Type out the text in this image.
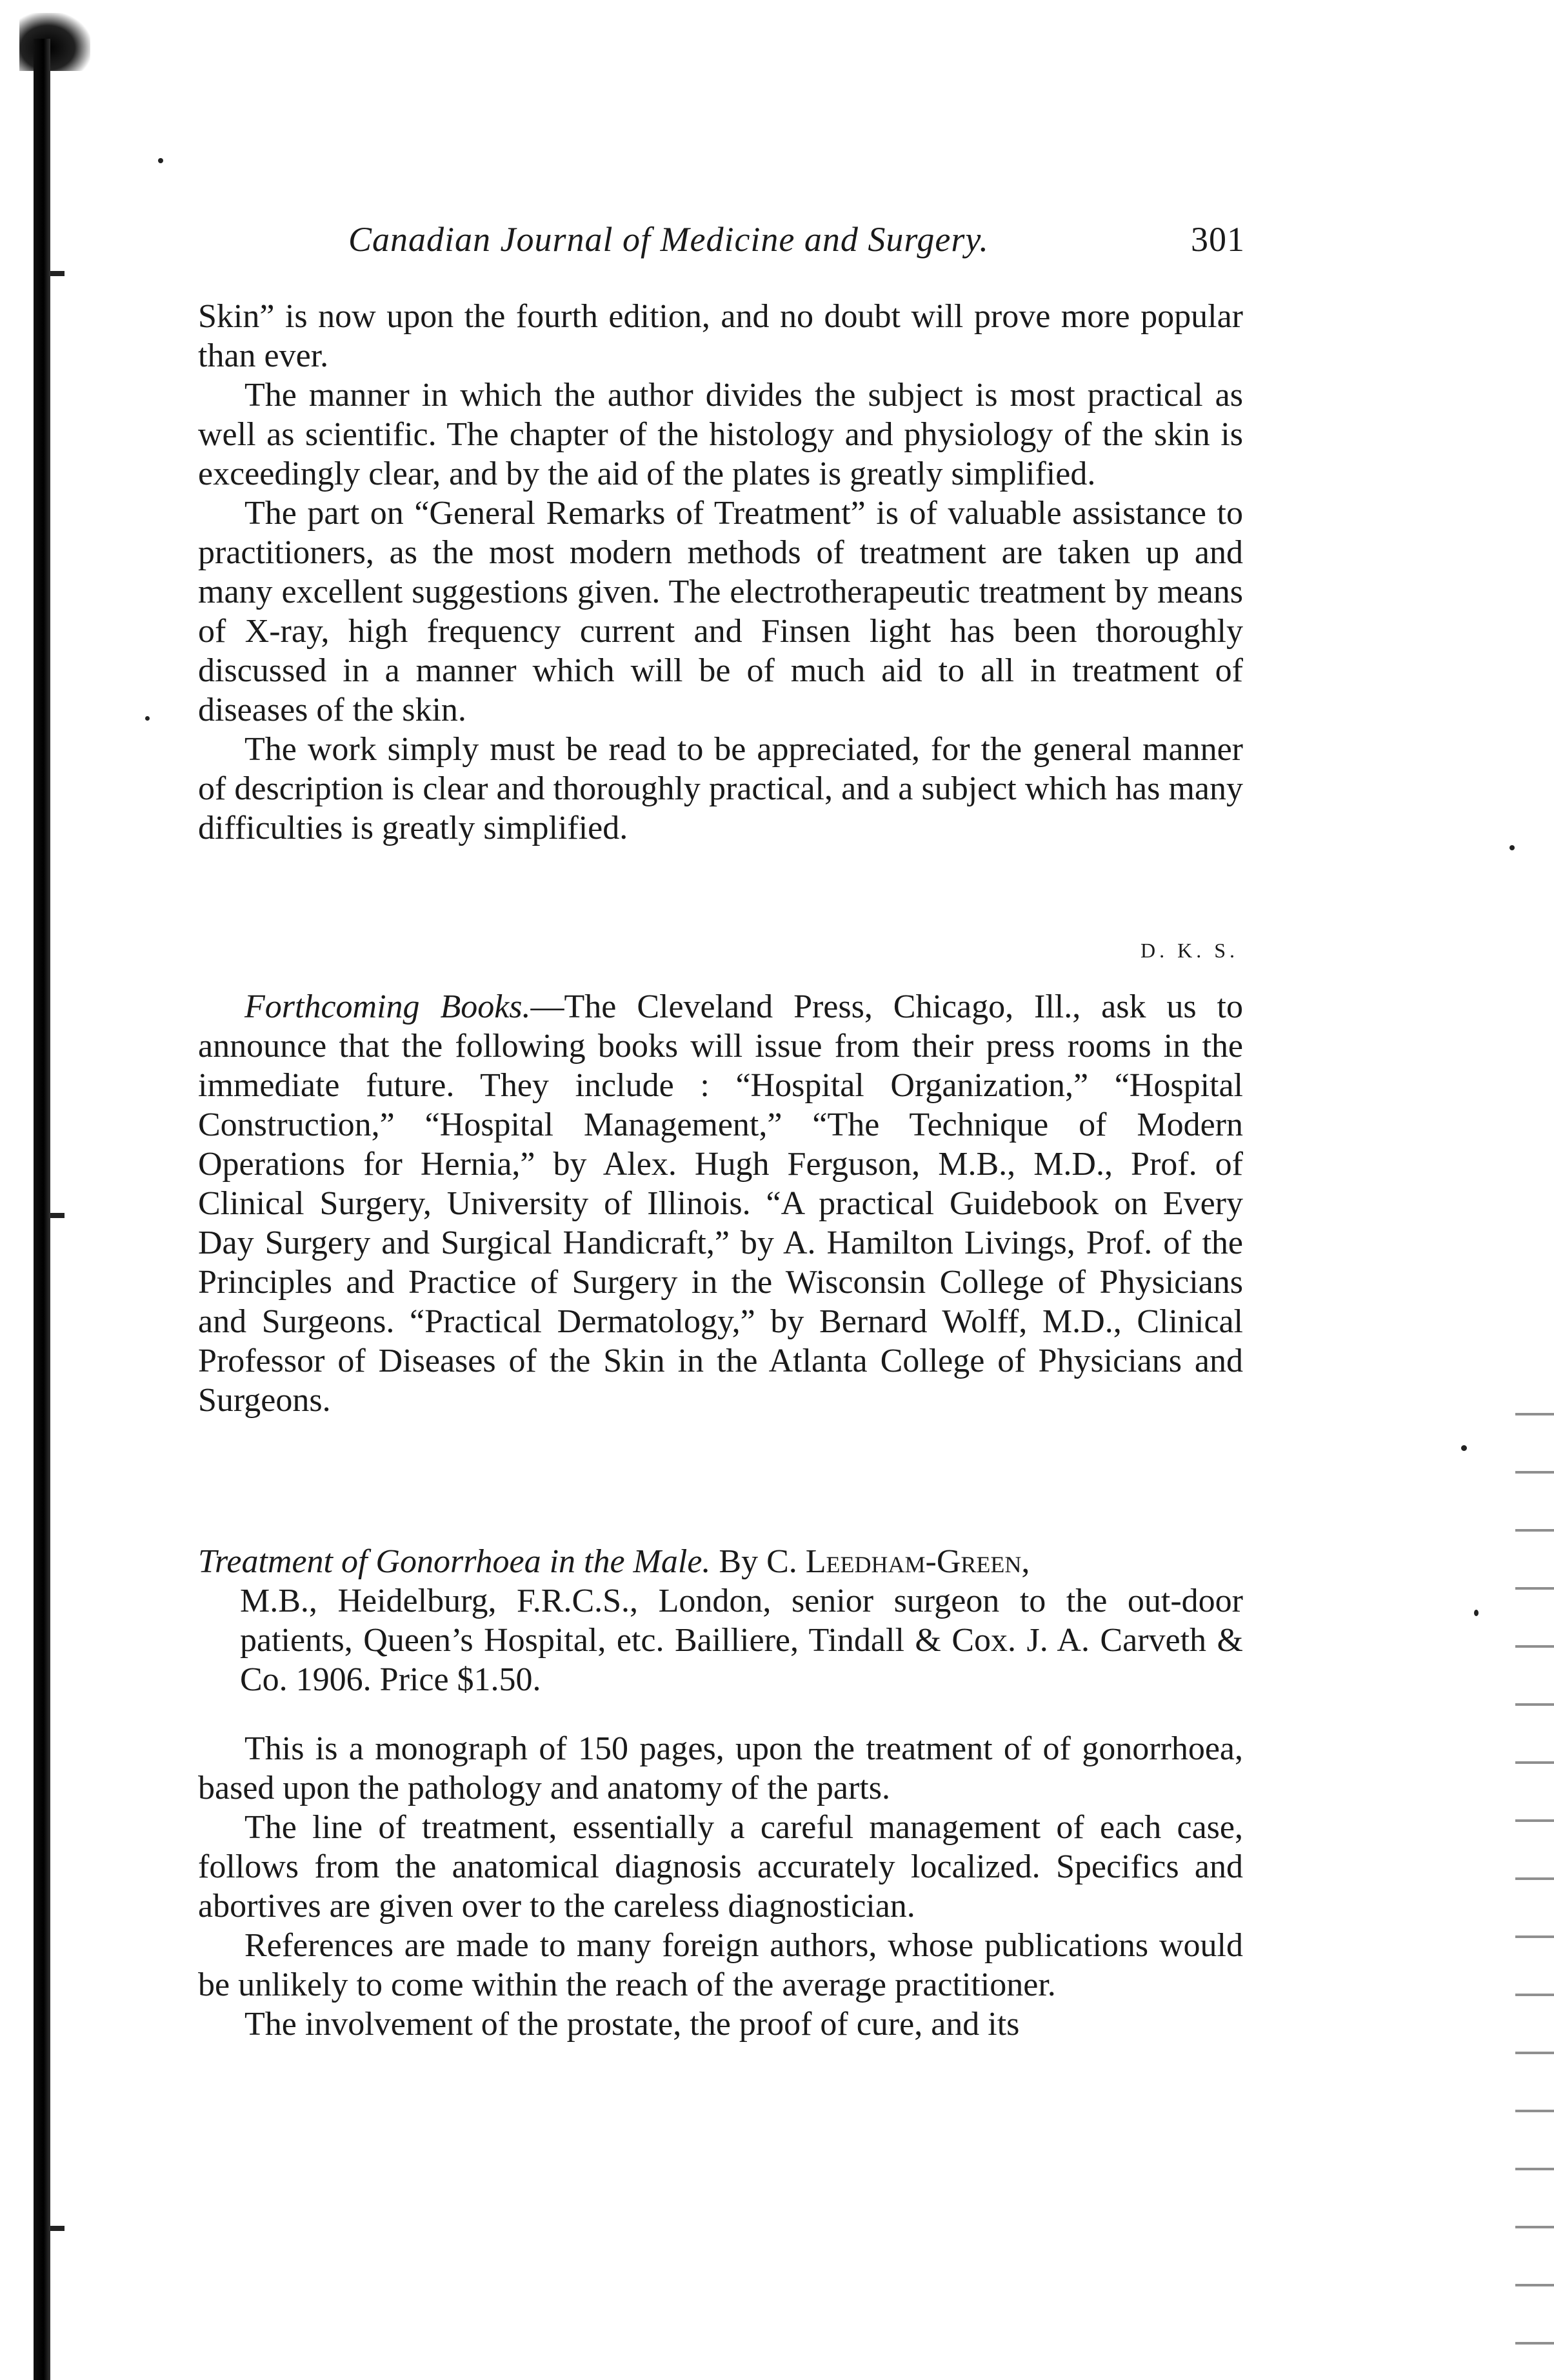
Canadian Journal of Medicine and Surgery.	301

Skin” is now upon the fourth edition, and no doubt will prove more popular than ever.

The manner in which the author divides the subject is most practical as well as scientific. The chapter of the histology and physiology of the skin is exceedingly clear, and by the aid of the plates is greatly simplified.

The part on “General Remarks of Treatment” is of valuable assistance to practitioners, as the most modern methods of treatment are taken up and many excellent suggestions given. The electrotherapeutic treatment by means of X-ray, high frequency current and Finsen light has been thoroughly discussed in a manner which will be of much aid to all in treatment of diseases of the skin.

The work simply must be read to be appreciated, for the general manner of description is clear and thoroughly practical, and a subject which has many difficulties is greatly simplified.

D. K. S.

Forthcoming Books.—The Cleveland Press, Chicago, Ill., ask us to announce that the following books will issue from their press rooms in the immediate future. They include : “Hospital Organization,” “Hospital Construction,” “Hospital Management,” “The Technique of Modern Operations for Hernia,” by Alex. Hugh Ferguson, M.B., M.D., Prof. of Clinical Surgery, University of Illinois. “A practical Guidebook on Every Day Surgery and Surgical Handicraft,” by A. Hamilton Livings, Prof. of the Principles and Practice of Surgery in the Wisconsin College of Physicians and Surgeons. “Practical Dermatology,” by Bernard Wolff, M.D., Clinical Professor of Diseases of the Skin in the Atlanta College of Physicians and Surgeons.

Treatment of Gonorrhoea in the Male. By C. Leedham-Green,
M.B., Heidelburg, F.R.C.S., London, senior surgeon to the out-door patients, Queen’s Hospital, etc. Bailliere, Tindall & Cox. J. A. Carveth & Co. 1906. Price $1.50.

This is a monograph of 150 pages, upon the treatment of of gonorrhoea, based upon the pathology and anatomy of the parts.

The line of treatment, essentially a careful management of each case, follows from the anatomical diagnosis accurately localized. Specifics and abortives are given over to the careless diagnostician.

References are made to many foreign authors, whose publications would be unlikely to come within the reach of the average practitioner.

The involvement of the prostate, the proof of cure, and its
